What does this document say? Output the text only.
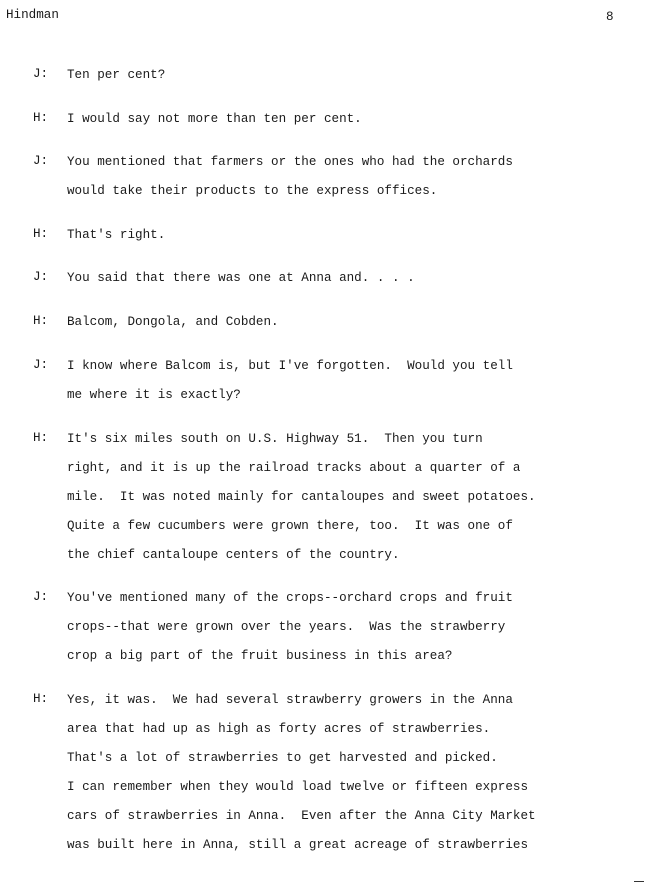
Hindman	8
J: Ten per cent?
H: I would say not more than ten per cent.
J: You mentioned that farmers or the ones who had the orchards
would take their products to the express offices.
H: That's right.
J: You said that there was one at Anna and. . . .
H: Balcom, Dongola, and Cobden.
J: I know where Balcom is, but I've forgotten.  Would you tell
me where it is exactly?
H: It's six miles south on U.S. Highway 51.  Then you turn
right, and it is up the railroad tracks about a quarter of a
mile.  It was noted mainly for cantaloupes and sweet potatoes.
Quite a few cucumbers were grown there, too.  It was one of
the chief cantaloupe centers of the country.
J: You've mentioned many of the crops--orchard crops and fruit
crops--that were grown over the years.  Was the strawberry
crop a big part of the fruit business in this area?
H: Yes, it was.  We had several strawberry growers in the Anna
area that had up as high as forty acres of strawberries.
That's a lot of strawberries to get harvested and picked.
I can remember when they would load twelve or fifteen express
cars of strawberries in Anna.  Even after the Anna City Market
was built here in Anna, still a great acreage of strawberries
